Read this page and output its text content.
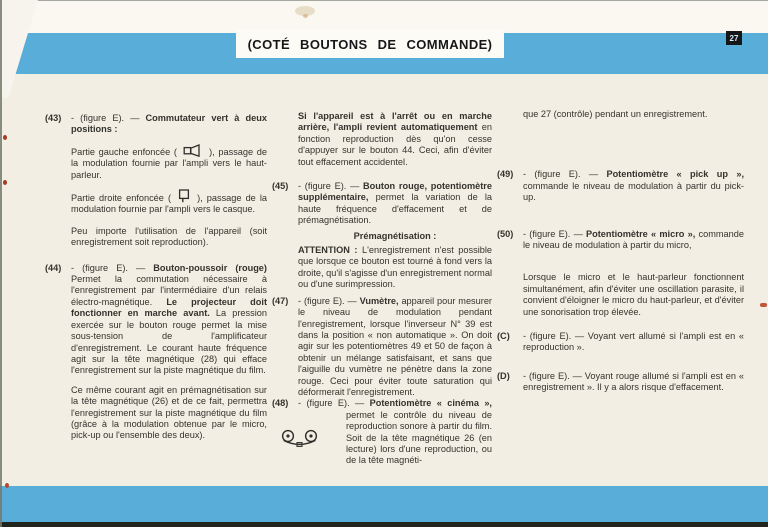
(COTÉ BOUTONS DE COMMANDE)	27
(43)	- (figure E). — Commutateur vert à deux positions :
Partie gauche enfoncée (	), passage de la modulation fournie par l'ampli vers le haut-parleur.
Partie droite enfoncée (  ), passage de la modulation fournie par l'ampli vers le casque.
Peu importe l'utilisation de l'appareil (soit enregistrement soit reproduction).
(44)	- (figure E). — Bouton-poussoir (rouge) Permet la commutation nécessaire à l'enregistrement par l'intermédiaire d'un relais électro-magnétique. Le projecteur doit fonctionner en marche avant. La pression exercée sur le bouton rouge permet la mise sous-tension de l'amplificateur d'enregistrement. Le courant haute fréquence agit sur la tête magnétique (28) qui efface l'enregistrement sur la piste magnétique du film.
Ce même courant agit en prémagnétisation sur la tête magnétique (26) et de ce fait, permettra l'enregistrement sur la piste magnétique du film (grâce à la modulation obtenue par le micro, pick-up ou l'ensemble des deux).
Si l'appareil est à l'arrêt ou en marche arrière, l'ampli revient automatiquement en fonction reproduction dès qu'on cesse d'appuyer sur le bouton 44. Ceci, afin d'éviter tout effacement accidentel.
(45)	- (figure E). — Bouton rouge, potentiomètre supplémentaire, permet la variation de la haute fréquence d'effacement et de prémagnétisation.
Prémagnétisation :
ATTENTION : L'enregistrement n'est possible que lorsque ce bouton est tourné à fond vers la droite, qu'il s'agisse d'un enregistrement normal ou d'une surimpression.
(47)	- (figure E). — Vumètre, appareil pour mesurer le niveau de modulation pendant l'enregistrement, lorsque l'inverseur N° 39 est dans la position « non automatique ». On doit agir sur les potentiomètres 49 et 50 de façon à obtenir un mélange satisfaisant, et sans que l'aiguille du vumètre ne pénètre dans la zone rouge. Ceci pour éviter toute saturation qui déformerait l'enregistrement.
(48)	- (figure E). — Potentiomètre « cinéma », permet le contrôle du niveau de reproduction sonore à partir du film. Soit de la tête magnétique 26 (en lecture) lors d'une reproduction, ou de la tête magnéti-
que 27 (contrôle) pendant un enregistrement.
(49)	- (figure E). — Potentiomètre « pick up », commande le niveau de modulation à partir du pick-up.
(50)	- (figure E). — Potentiomètre « micro », commande le niveau de modulation à partir du micro,
Lorsque le micro et le haut-parleur fonctionnent simultanément, afin d'éviter une oscillation parasite, il convient d'éloigner le micro du haut-parleur, et d'éviter une sonorisation trop élevée.
(C)	- (figure E). — Voyant vert allumé si l'ampli est en « reproduction ».
(D)	- (figure E). — Voyant rouge allumé si l'ampli est en « enregistrement ». Il y a alors risque d'effacement.
